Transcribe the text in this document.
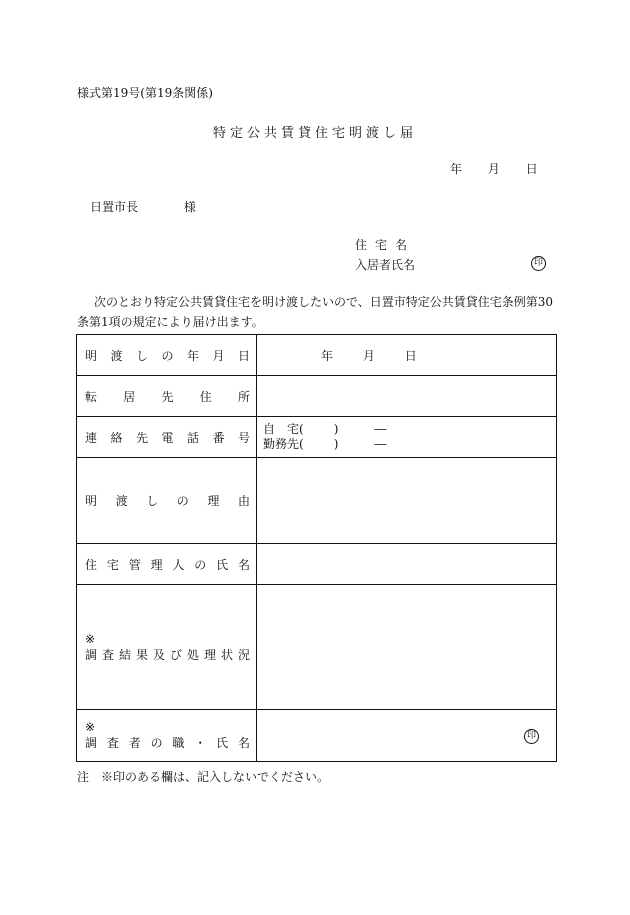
様式第19号(第19条関係)
特定公共賃貸住宅明渡し届
年 月 日
日置市長	様
住宅名
入居者氏名	印

次のとおり特定公共賃貸住宅を明け渡したいので、日置市特定公共賃貸住宅条例第30

条第1項の規定により届け出ます。

明渡しの年月日	年 月 日
転居先住所	
連絡先電話番号	自　宅( ) ―
勤務先( ) ―

明渡しの理由	
住宅管理人の氏名	

※
調査結果及び処理状況	

※
調査者の職・氏名	印
注　※印のある欄は、記入しないでください。
